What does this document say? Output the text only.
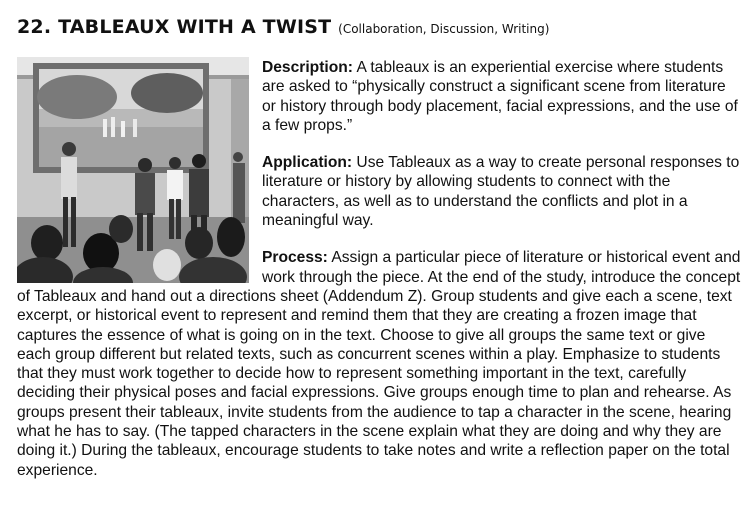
22. TABLEAUX WITH A TWIST (Collaboration, Discussion, Writing)

Description: A tableaux is an experiential exercise where students are asked to “physically construct a significant scene from literature or history through body placement, facial expressions, and the use of a few props.”

Application: Use Tableaux as a way to create personal responses to literature or history by allowing students to connect with the characters, as well as to understand the conflicts and plot in a meaningful way.

Process: Assign a particular piece of literature or historical event and work through the piece. At the end of the study, introduce the concept of Tableaux and hand out a directions sheet (Addendum Z). Group students and give each a scene, text excerpt, or historical event to represent and remind them that they are creating a frozen image that captures the essence of what is going on in the text. Choose to give all groups the same text or give each group different but related texts, such as concurrent scenes within a play. Emphasize to students that they must work together to decide how to represent something important in the text, carefully deciding their physical poses and facial expressions. Give groups enough time to plan and rehearse. As groups present their tableaux, invite students from the audience to tap a character in the scene, hearing what he has to say. (The tapped characters in the scene explain what they are doing and why they are doing it.) During the tableaux, encourage students to take notes and write a reflection paper on the total experience.
